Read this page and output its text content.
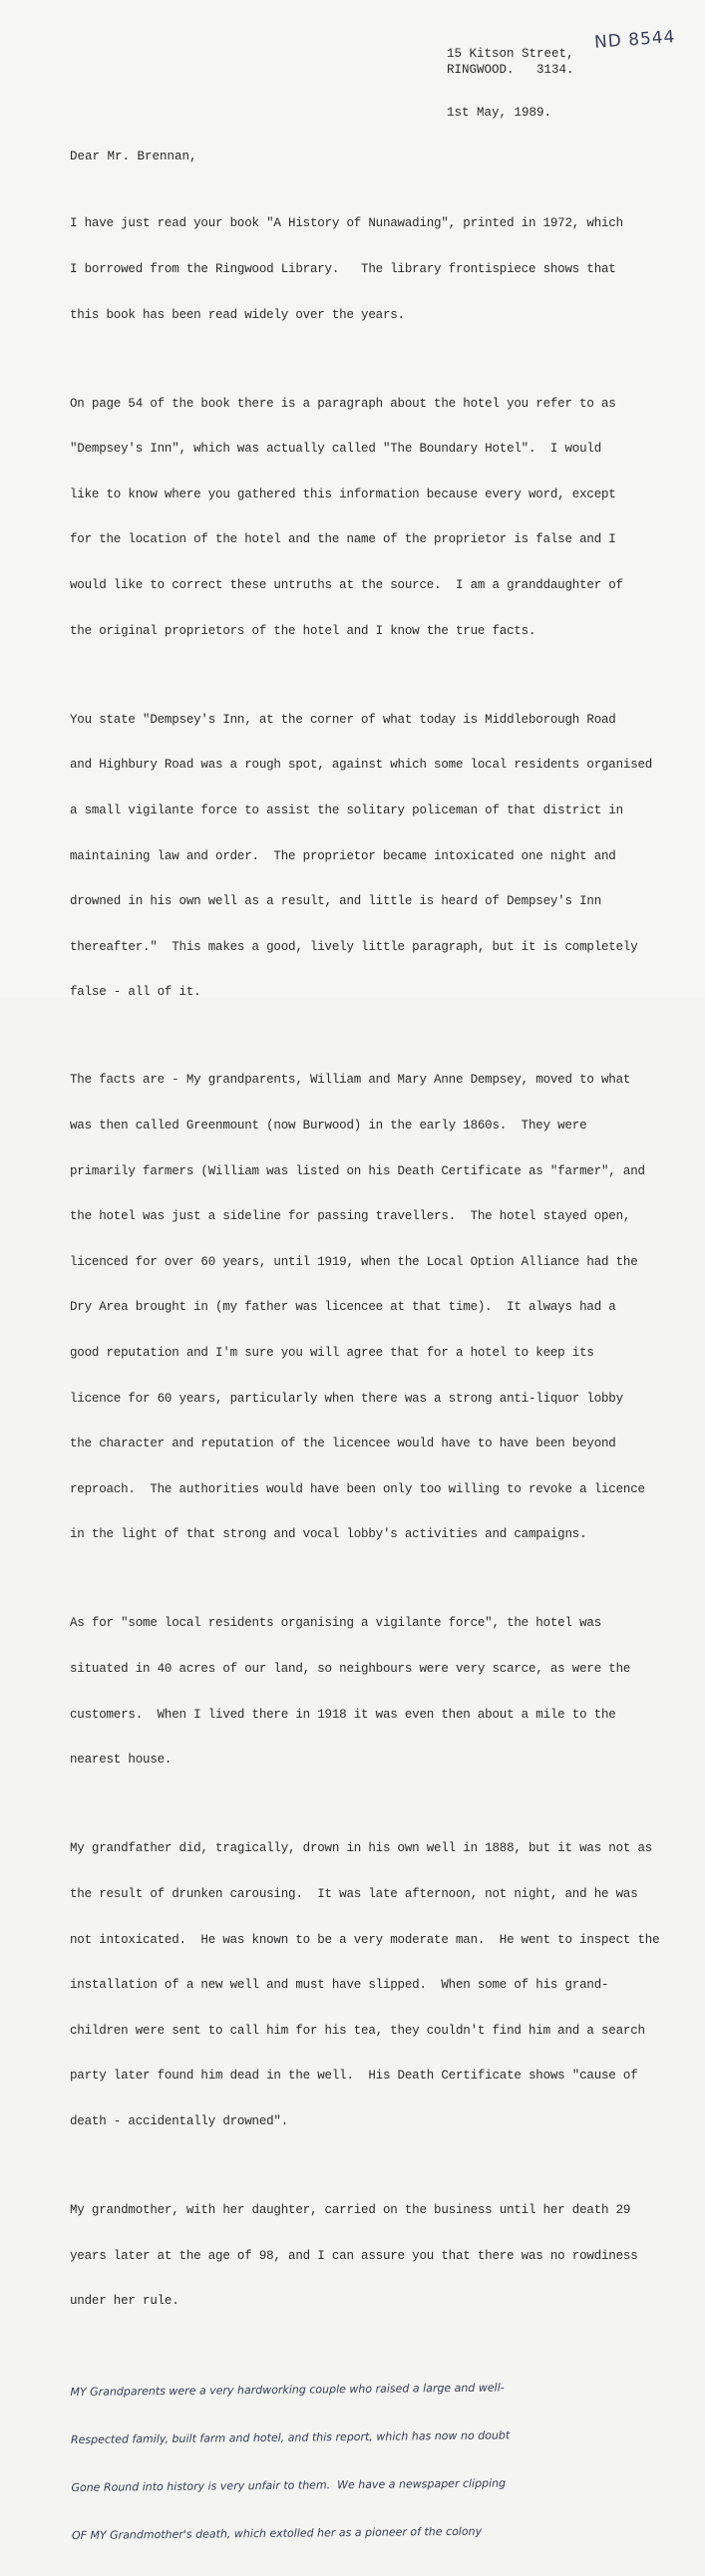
ND 8544
15 Kitson Street,
RINGWOOD.   3134.
1st May, 1989.
Dear Mr. Brennan,

I have just read your book "A History of Nunawading", printed in 1972, which

I borrowed from the Ringwood Library.   The library frontispiece shows that

this book has been read widely over the years.

On page 54 of the book there is a paragraph about the hotel you refer to as

"Dempsey's Inn", which was actually called "The Boundary Hotel".  I would

like to know where you gathered this information because every word, except

for the location of the hotel and the name of the proprietor is false and I

would like to correct these untruths at the source.  I am a granddaughter of

the original proprietors of the hotel and I know the true facts.

You state "Dempsey's Inn, at the corner of what today is Middleborough Road

and Highbury Road was a rough spot, against which some local residents organised

a small vigilante force to assist the solitary policeman of that district in

maintaining law and order.  The proprietor became intoxicated one night and

drowned in his own well as a result, and little is heard of Dempsey's Inn

thereafter."  This makes a good, lively little paragraph, but it is completely

false - all of it.

The facts are - My grandparents, William and Mary Anne Dempsey, moved to what

was then called Greenmount (now Burwood) in the early 1860s.  They were

primarily farmers (William was listed on his Death Certificate as "farmer", and

the hotel was just a sideline for passing travellers.  The hotel stayed open,

licenced for over 60 years, until 1919, when the Local Option Alliance had the

Dry Area brought in (my father was licencee at that time).  It always had a

good reputation and I'm sure you will agree that for a hotel to keep its

licence for 60 years, particularly when there was a strong anti-liquor lobby

the character and reputation of the licencee would have to have been beyond

reproach.  The authorities would have been only too willing to revoke a licence

in the light of that strong and vocal lobby's activities and campaigns.

As for "some local residents organising a vigilante force", the hotel was

situated in 40 acres of our land, so neighbours were very scarce, as were the

customers.  When I lived there in 1918 it was even then about a mile to the

nearest house.

My grandfather did, tragically, drown in his own well in 1888, but it was not as

the result of drunken carousing.  It was late afternoon, not night, and he was

not intoxicated.  He was known to be a very moderate man.  He went to inspect the

installation of a new well and must have slipped.  When some of his grand-

children were sent to call him for his tea, they couldn't find him and a search

party later found him dead in the well.  His Death Certificate shows "cause of

death - accidentally drowned".

My grandmother, with her daughter, carried on the business until her death 29

years later at the age of 98, and I can assure you that there was no rowdiness

under her rule.

MY Grandparents were a very hardworking couple who raised a large and well-

Respected family, built farm and hotel, and this report, which has now no doubt

Gone Round into history is very unfair to them.  We have a newspaper clipping

OF MY Grandmother's death, which extolled her as a pioneer of the colony
